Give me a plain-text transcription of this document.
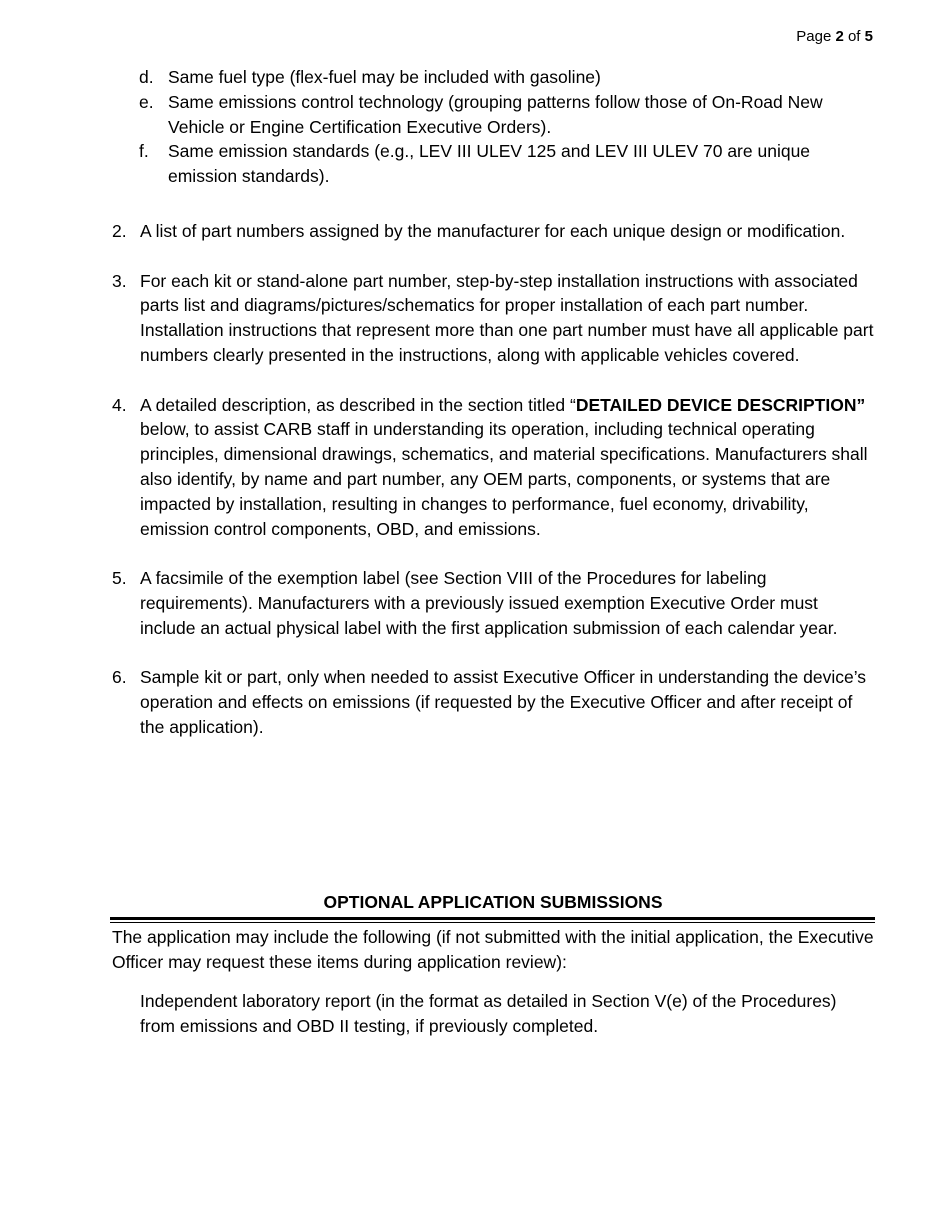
Page 2 of 5
d. Same fuel type (flex-fuel may be included with gasoline)
e. Same emissions control technology (grouping patterns follow those of On-Road New Vehicle or Engine Certification Executive Orders).
f. Same emission standards (e.g., LEV III ULEV 125 and LEV III ULEV 70 are unique emission standards).
2. A list of part numbers assigned by the manufacturer for each unique design or modification.
3. For each kit or stand-alone part number, step-by-step installation instructions with associated parts list and diagrams/pictures/schematics for proper installation of each part number. Installation instructions that represent more than one part number must have all applicable part numbers clearly presented in the instructions, along with applicable vehicles covered.
4. A detailed description, as described in the section titled “DETAILED DEVICE DESCRIPTION” below, to assist CARB staff in understanding its operation, including technical operating principles, dimensional drawings, schematics, and material specifications. Manufacturers shall also identify, by name and part number, any OEM parts, components, or systems that are impacted by installation, resulting in changes to performance, fuel economy, drivability, emission control components, OBD, and emissions.
5. A facsimile of the exemption label (see Section VIII of the Procedures for labeling requirements). Manufacturers with a previously issued exemption Executive Order must include an actual physical label with the first application submission of each calendar year.
6. Sample kit or part, only when needed to assist Executive Officer in understanding the device’s operation and effects on emissions (if requested by the Executive Officer and after receipt of the application).
OPTIONAL APPLICATION SUBMISSIONS
The application may include the following (if not submitted with the initial application, the Executive Officer may request these items during application review):
Independent laboratory report (in the format as detailed in Section V(e) of the Procedures) from emissions and OBD II testing, if previously completed.
